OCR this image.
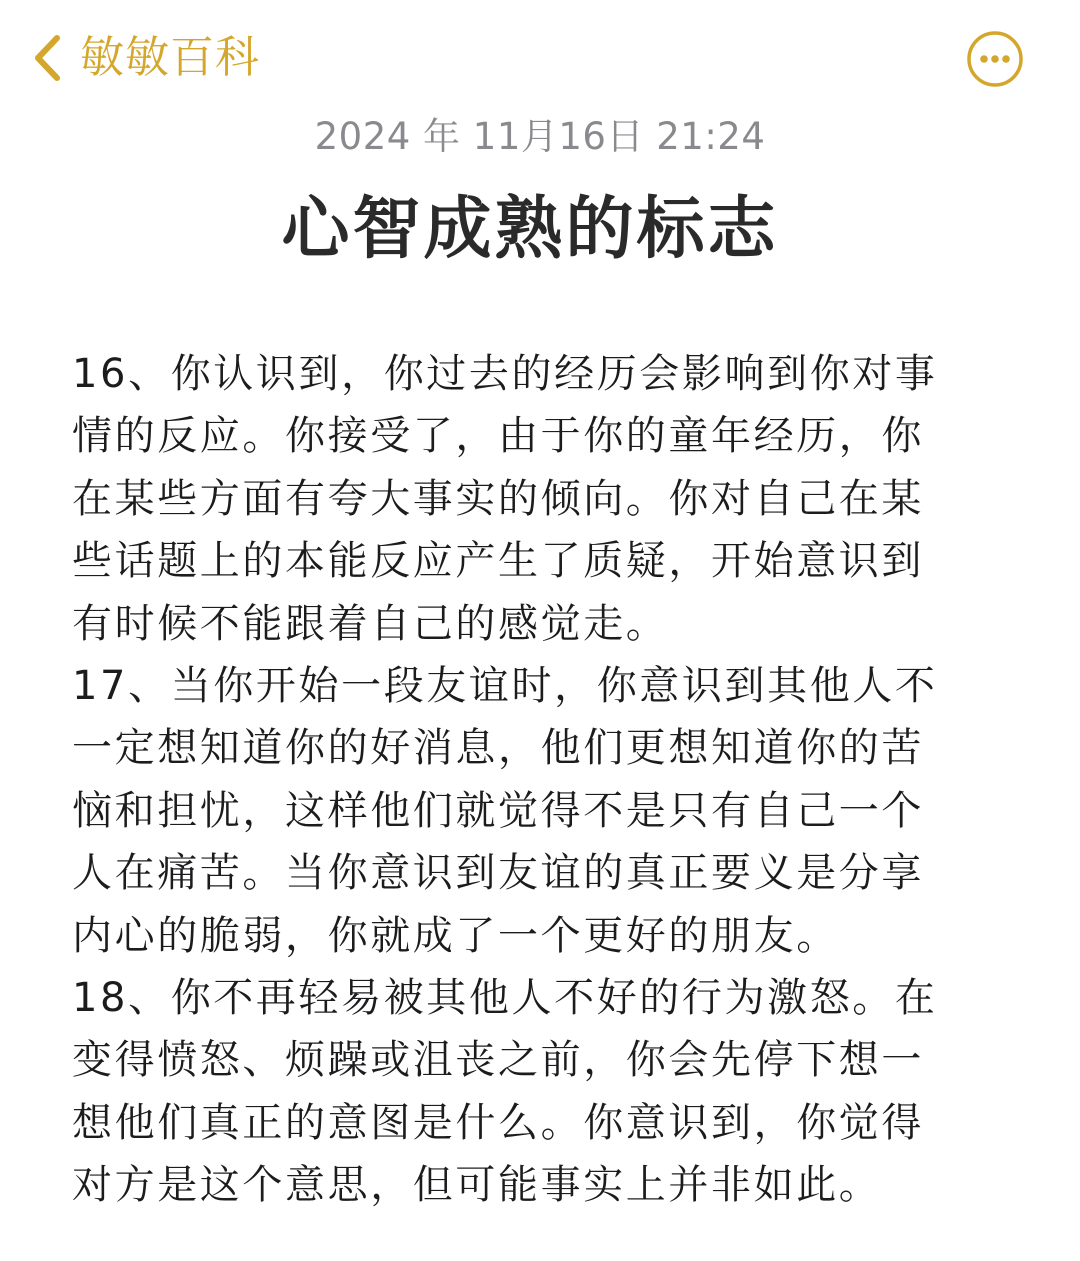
敏敏百科
2024 年 11月16日 21:24
心智成熟的标志
16、你认识到，你过去的经历会影响到你对事
情的反应。你接受了，由于你的童年经历，你
在某些方面有夸大事实的倾向。你对自己在某
些话题上的本能反应产生了质疑，开始意识到
有时候不能跟着自己的感觉走。
17、当你开始一段友谊时，你意识到其他人不
一定想知道你的好消息，他们更想知道你的苦
恼和担忧，这样他们就觉得不是只有自己一个
人在痛苦。当你意识到友谊的真正要义是分享
内心的脆弱，你就成了一个更好的朋友。
18、你不再轻易被其他人不好的行为激怒。在
变得愤怒、烦躁或沮丧之前，你会先停下想一
想他们真正的意图是什么。你意识到，你觉得
对方是这个意思，但可能事实上并非如此。
